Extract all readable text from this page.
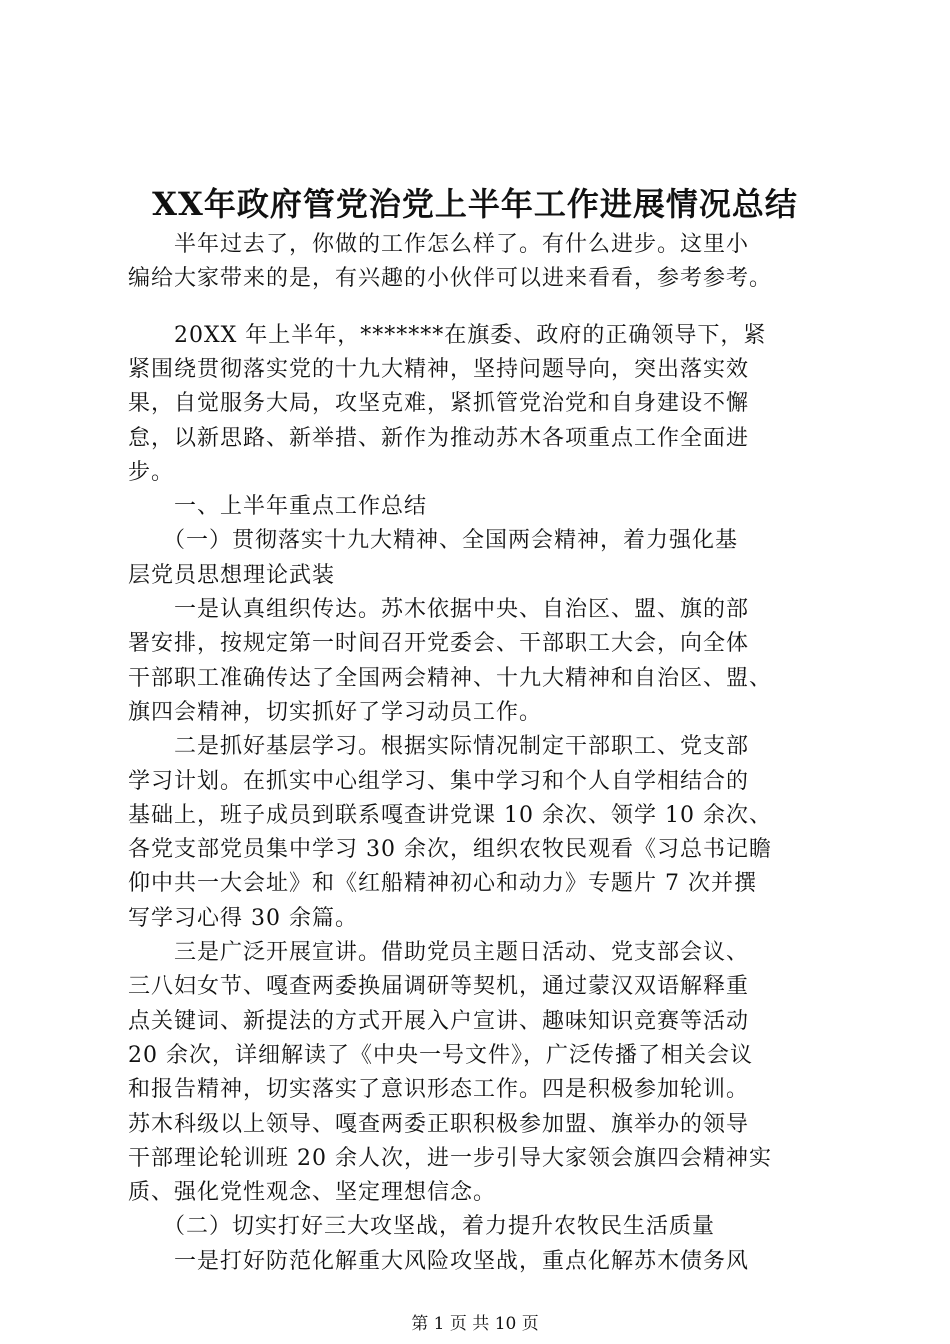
XX年政府管党治党上半年工作进展情况总结
　　半年过去了，你做的工作怎么样了。有什么进步。这里小
编给大家带来的是，有兴趣的小伙伴可以进来看看，参考参考。
　　20XX 年上半年，*******在旗委、政府的正确领导下，紧
紧围绕贯彻落实党的十九大精神，坚持问题导向，突出落实效
果，自觉服务大局，攻坚克难，紧抓管党治党和自身建设不懈
怠，以新思路、新举措、新作为推动苏木各项重点工作全面进
步。
　　一、上半年重点工作总结
　　（一）贯彻落实十九大精神、全国两会精神，着力强化基
层党员思想理论武装
　　一是认真组织传达。苏木依据中央、自治区、盟、旗的部
署安排，按规定第一时间召开党委会、干部职工大会，向全体
干部职工准确传达了全国两会精神、十九大精神和自治区、盟、
旗四会精神，切实抓好了学习动员工作。
　　二是抓好基层学习。根据实际情况制定干部职工、党支部
学习计划。在抓实中心组学习、集中学习和个人自学相结合的
基础上，班子成员到联系嘎查讲党课 10 余次、领学 10 余次、
各党支部党员集中学习 30 余次，组织农牧民观看《习总书记瞻
仰中共一大会址》和《红船精神初心和动力》专题片 7 次并撰
写学习心得 30 余篇。
　　三是广泛开展宣讲。借助党员主题日活动、党支部会议、
三八妇女节、嘎查两委换届调研等契机，通过蒙汉双语解释重
点关键词、新提法的方式开展入户宣讲、趣味知识竞赛等活动
20 余次，详细解读了《中央一号文件》，广泛传播了相关会议
和报告精神，切实落实了意识形态工作。四是积极参加轮训。
苏木科级以上领导、嘎查两委正职积极参加盟、旗举办的领导
干部理论轮训班 20 余人次，进一步引导大家领会旗四会精神实
质、强化党性观念、坚定理想信念。
　　（二）切实打好三大攻坚战，着力提升农牧民生活质量
　　一是打好防范化解重大风险攻坚战，重点化解苏木债务风
第 1 页 共 10 页
